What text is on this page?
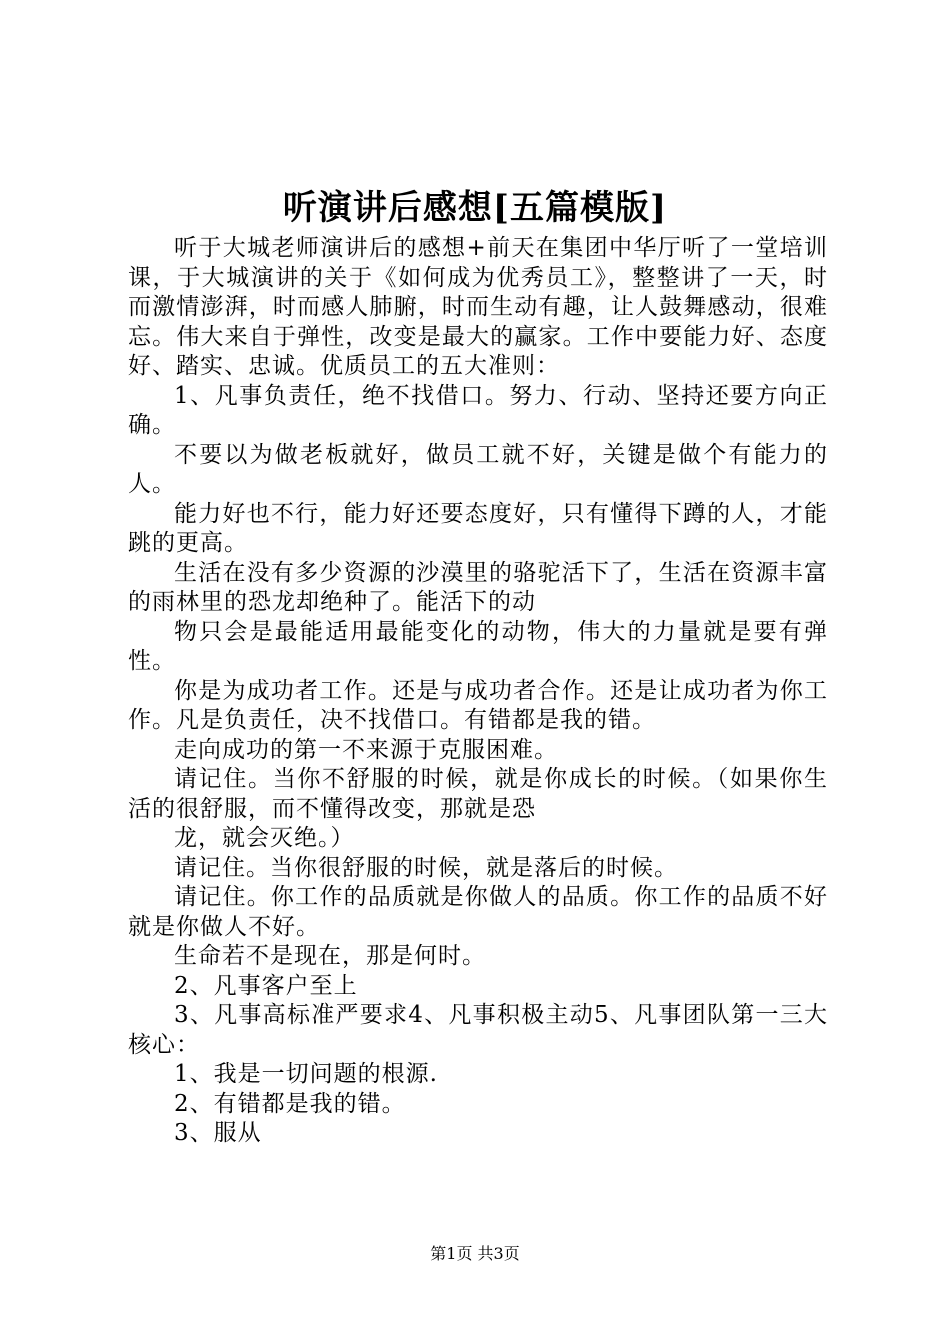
听演讲后感想[五篇模版]

听于大城老师演讲后的感想+前天在集团中华厅听了一堂培训课，于大城演讲的关于《如何成为优秀员工》，整整讲了一天，时而激情澎湃，时而感人肺腑，时而生动有趣，让人鼓舞感动，很难忘。伟大来自于弹性，改变是最大的赢家。工作中要能力好、态度好、踏实、忠诚。优质员工的五大准则：

1、凡事负责任，绝不找借口。努力、行动、坚持还要方向正确。

不要以为做老板就好，做员工就不好，关键是做个有能力的人。

能力好也不行，能力好还要态度好，只有懂得下蹲的人，才能跳的更高。

生活在没有多少资源的沙漠里的骆驼活下了，生活在资源丰富的雨林里的恐龙却绝种了。能活下的动

物只会是最能适用最能变化的动物，伟大的力量就是要有弹性。

你是为成功者工作。还是与成功者合作。还是让成功者为你工作。凡是负责任，决不找借口。有错都是我的错。

走向成功的第一不来源于克服困难。

请记住。当你不舒服的时候，就是你成长的时候。（如果你生活的很舒服，而不懂得改变，那就是恐

龙，就会灭绝。）

请记住。当你很舒服的时候，就是落后的时候。

请记住。你工作的品质就是你做人的品质。你工作的品质不好就是你做人不好。

生命若不是现在，那是何时。

2、凡事客户至上

3、凡事高标准严要求4、凡事积极主动5、凡事团队第一三大核心：

1、我是一切问题的根源.

2、有错都是我的错。

3、服从

第1页 共3页
